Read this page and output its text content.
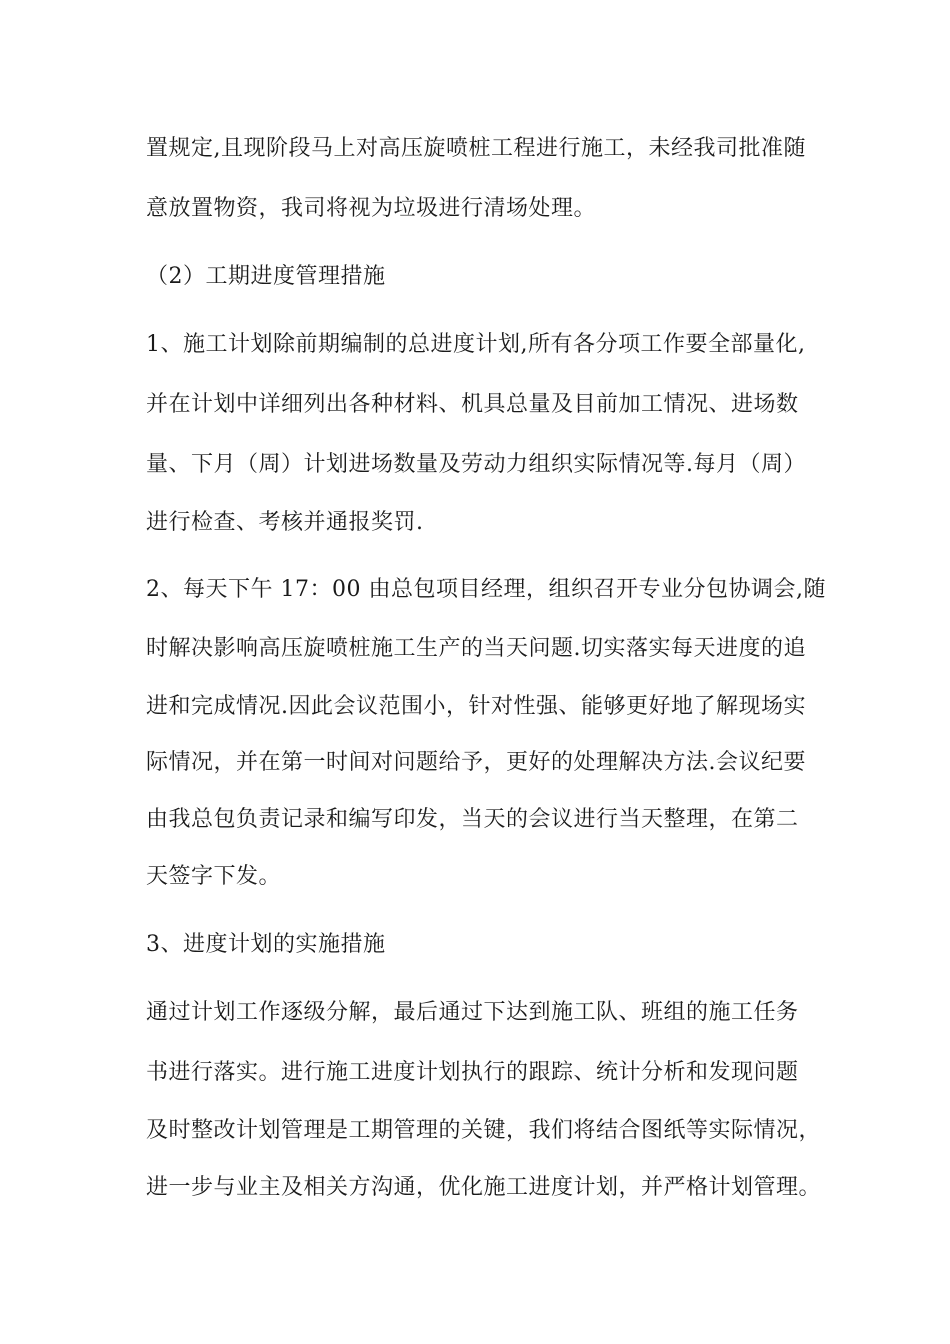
置规定,且现阶段马上对高压旋喷桩工程进行施工，未经我司批准随
意放置物资，我司将视为垃圾进行清场处理。
（2）工期进度管理措施
1、施工计划除前期编制的总进度计划,所有各分项工作要全部量化,
并在计划中详细列出各种材料、机具总量及目前加工情况、进场数
量、下月（周）计划进场数量及劳动力组织实际情况等.每月（周）
进行检查、考核并通报奖罚.
2、每天下午 17：00 由总包项目经理，组织召开专业分包协调会,随
时解决影响高压旋喷桩施工生产的当天问题.切实落实每天进度的追
进和完成情况.因此会议范围小，针对性强、能够更好地了解现场实
际情况，并在第一时间对问题给予，更好的处理解决方法.会议纪要
由我总包负责记录和编写印发，当天的会议进行当天整理，在第二
天签字下发。
3、进度计划的实施措施
通过计划工作逐级分解，最后通过下达到施工队、班组的施工任务
书进行落实。进行施工进度计划执行的跟踪、统计分析和发现问题
及时整改计划管理是工期管理的关键，我们将结合图纸等实际情况，
进一步与业主及相关方沟通，优化施工进度计划，并严格计划管理。
